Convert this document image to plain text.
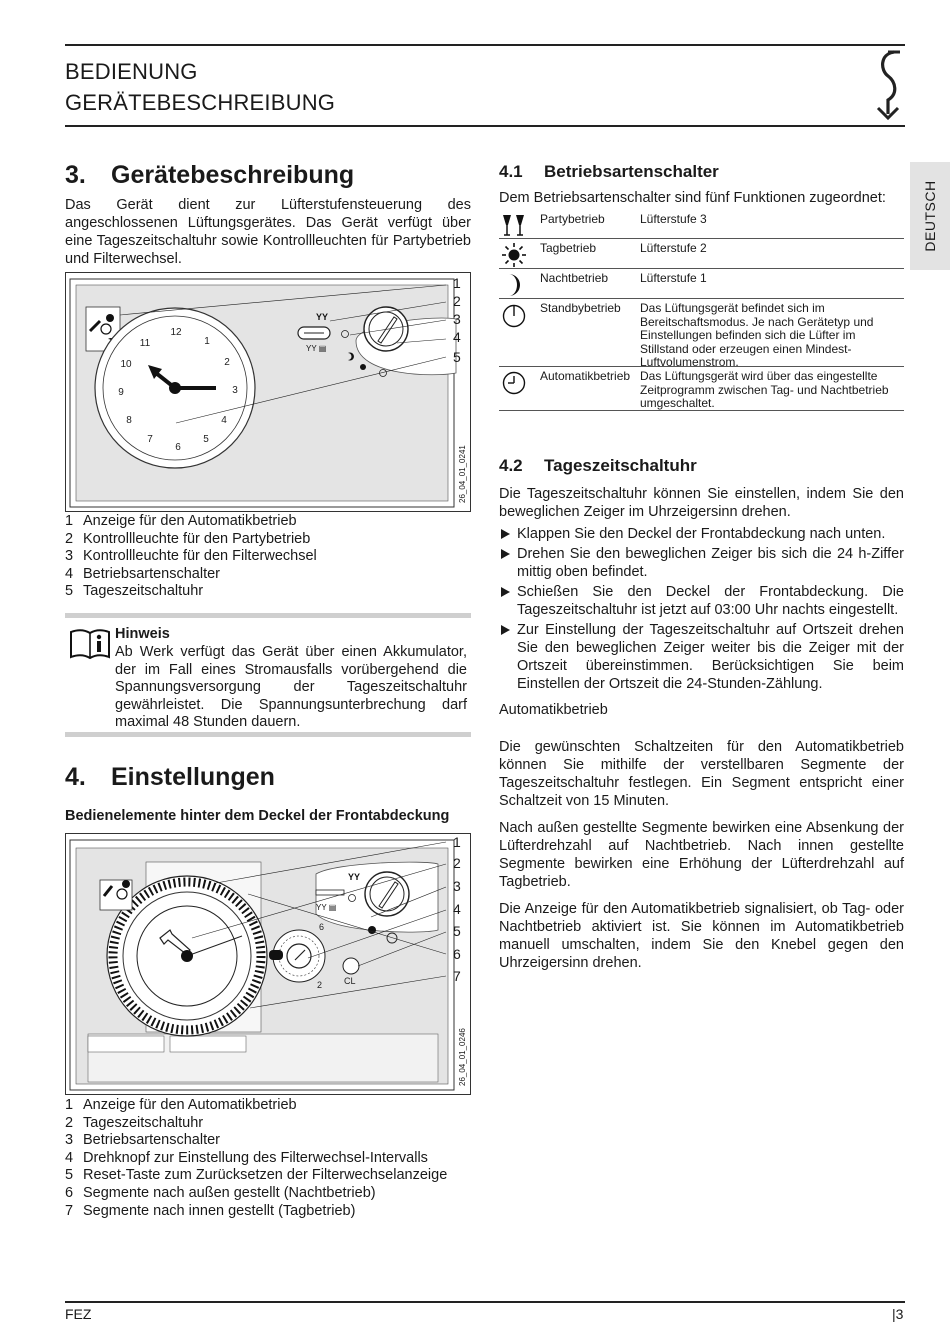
BEDIENUNG
GERÄTEBESCHREIBUNG
DEUTSCH
3. Gerätebeschreibung

Das Gerät dient zur Lüfterstufensteuerung des angeschlossenen Lüftungsgerätes. Das Gerät verfügt über eine Tageszeitschaltuhr sowie Kontrollleuchten für Partybetrieb und Filterwechsel.

12
1
2
3
4
5
6
7
8
9
10
11
YY
YY ▤
1
2
3
4
5
26_04_01_0241
1 Anzeige für den Automatikbetrieb
2 Kontrollleuchte für den Partybetrieb
3 Kontrollleuchte für den Filterwechsel
4 Betriebsartenschalter
5 Tageszeitschaltuhr
Hinweis
Ab Werk verfügt das Gerät über einen Akkumulator, der im Fall eines Stromausfalls vorübergehend die Spannungsversorgung der Tageszeitschaltuhr gewährleistet. Die Spannungsunterbrechung darf maximal 48 Stunden dauern.
4. Einstellungen
Bedienelemente hinter dem Deckel der Frontabdeckung
YY
YY ▤
6
2 CL
1
2
3
4
5
6
7
26_04_01_0246
1 Anzeige für den Automatikbetrieb
2 Tageszeitschaltuhr
3 Betriebsartenschalter
4 Drehknopf zur Einstellung des Filterwechsel-Intervalls
5 Reset-Taste zum Zurücksetzen der Filterwechselanzeige
6 Segmente nach außen gestellt (Nachtbetrieb)
7 Segmente nach innen gestellt (Tagbetrieb)
4.1 Betriebsartenschalter

Dem Betriebsartenschalter sind fünf Funktionen zugeordnet:

Partybetrieb	Lüfterstufe 3
Tagbetrieb	Lüfterstufe 2
Nachtbetrieb	Lüfterstufe 1
Standbybetrieb	Das Lüftungsgerät befindet sich im Bereitschaftsmodus. Je nach Gerätetyp und Einstellungen befinden sich die Lüfter im Stillstand oder erzeugen einen Mindest-Luftvolumenstrom.
Automatikbetrieb Das Lüftungsgerät wird über das eingestellte Zeitprogramm zwischen Tag- und Nachtbetrieb umgeschaltet.
4.2 Tageszeitschaltuhr

Die Tageszeitschaltuhr können Sie einstellen, indem Sie den beweglichen Zeiger im Uhrzeigersinn drehen.

Klappen Sie den Deckel der Frontabdeckung nach unten.
Drehen Sie den beweglichen Zeiger bis sich die 24 h-Ziffer mittig oben befindet.
Schießen Sie den Deckel der Frontabdeckung. Die Tageszeitschaltuhr ist jetzt auf 03:00 Uhr nachts eingestellt.
Zur Einstellung der Tageszeitschaltuhr auf Ortszeit drehen Sie den beweglichen Zeiger weiter bis die Zeiger mit der Ortszeit übereinstimmen. Berücksichtigen Sie beim Einstellen der Ortszeit die 24-Stunden-Zählung.

Automatikbetrieb

Die gewünschten Schaltzeiten für den Automatikbetrieb können Sie mithilfe der verstellbaren Segmente der Tageszeitschaltuhr festlegen. Ein Segment entspricht einer Schaltzeit von 15 Minuten.

Nach außen gestellte Segmente bewirken eine Absenkung der Lüfterdrehzahl auf Nachtbetrieb. Nach innen gestellte Segmente bewirken eine Erhöhung der Lüfterdrehzahl auf Tagbetrieb.

Die Anzeige für den Automatikbetrieb signalisiert, ob Tag- oder Nachtbetrieb aktiviert ist. Sie können im Automatikbetrieb manuell umschalten, indem Sie den Knebel gegen den Uhrzeigersinn drehen.

FEZ	|3
